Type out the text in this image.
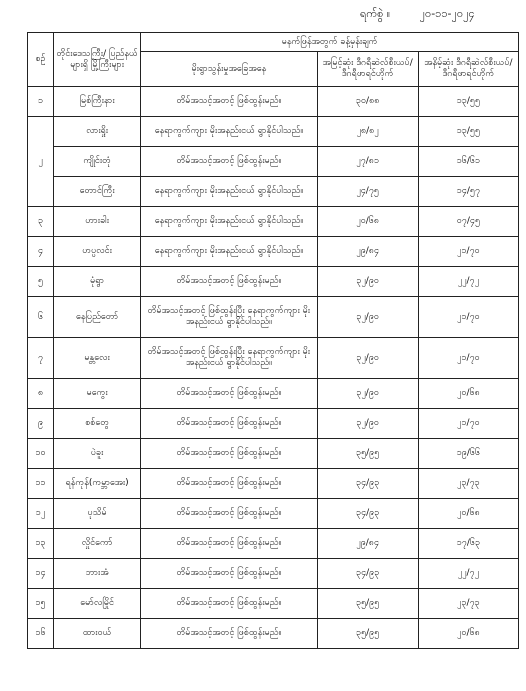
ရက်စွဲ ။	၂၀-၁၁-၂၀၂၄
စဉ်	တိုင်းဒေသကြီး/ ပြည်နယ်များရှိ မြို့ကြီးများ	မနက်ဖြန်အတွက် ခန့်မှန်းချက်		
		မိုးရွာသွန်းမှုအခြေအနေ	အမြင့်ဆုံး ဒီဂရီဆဲလ်စီးယပ်/ ဒီဂရီဖာရင်ဟိုက်	အနိမ့်ဆုံး ဒီဂရီဆဲလ်စီးယပ်/ ဒီဂရီဖာရင်ဟိုက်
၁	မြစ်ကြီးနား	တိမ်အသင့်အတင့် ဖြစ်ထွန်းမည်။	၃၀/၈၈	၁၃/၅၅
၂	လားရှိုး	နေရာကွက်ကျား မိုးအနည်းငယ် ရွာနိုင်ပါသည်။	၂၈/၈၂	၁၃/၅၅
	ကျိုင်းတုံ	တိမ်အသင့်အတင့် ဖြစ်ထွန်းမည်။	၂၇/၈၁	၁၆/၆၁
	တောင်ကြီး	နေရာကွက်ကျား မိုးအနည်းငယ် ရွာနိုင်ပါသည်။	၂၄/၇၅	၁၄/၅၇
၃	ဟားခါး	နေရာကွက်ကျား မိုးအနည်းငယ် ရွာနိုင်ပါသည်။	၂၀/၆၈	၀၇/၄၅
၄	ဟပ္ပလင်း	နေရာကွက်ကျား မိုးအနည်းငယ် ရွာနိုင်ပါသည်။	၂၉/၈၄	၂၁/၇၀
၅	မုံရွာ	တိမ်အသင့်အတင့် ဖြစ်ထွန်းမည်။	၃၂/၉၀	၂၂/၇၂
၆	နေပြည်တော်	တိမ်အသင့်အတင့် ဖြစ်ထွန်းပြီး နေရာကွက်ကျား မိုးအနည်းငယ် ရွာနိုင်ပါသည်။	၃၂/၉၀	၂၁/၇၀
၇	မန္တလေး	တိမ်အသင့်အတင့် ဖြစ်ထွန်းပြီး နေရာကွက်ကျား မိုးအနည်းငယ် ရွာနိုင်ပါသည်။	၃၂/၉၀	၂၁/၇၀
၈	မကွေး	တိမ်အသင့်အတင့် ဖြစ်ထွန်းမည်။	၃၂/၉၀	၂၀/၆၈
၉	စစ်တွေ	တိမ်အသင့်အတင့် ဖြစ်ထွန်းမည်။	၃၂/၉၀	၂၁/၇၀
၁၀	ပဲခူး	တိမ်အသင့်အတင့် ဖြစ်ထွန်းမည်။	၃၅/၉၅	၁၉/၆၆
၁၁	ရန်ကုန်(ကမ္ဘာအေး)	တိမ်အသင့်အတင့် ဖြစ်ထွန်းမည်။	၃၄/၉၃	၂၃/၇၃
၁၂	ပုသိမ်	တိမ်အသင့်အတင့် ဖြစ်ထွန်းမည်။	၃၄/၉၃	၂၀/၆၈
၁၃	လှိုင်ကော်	တိမ်အသင့်အတင့် ဖြစ်ထွန်းမည်။	၂၉/၈၄	၁၇/၆၃
၁၄	ဘားအံ	တိမ်အသင့်အတင့် ဖြစ်ထွန်းမည်။	၃၄/၉၃	၂၂/၇၂
၁၅	မော်လမြိုင်	တိမ်အသင့်အတင့် ဖြစ်ထွန်းမည်။	၃၅/၉၅	၂၃/၇၃
၁၆	ထားဝယ်	တိမ်အသင့်အတင့် ဖြစ်ထွန်းမည်။	၃၅/၉၅	၂၀/၆၈
